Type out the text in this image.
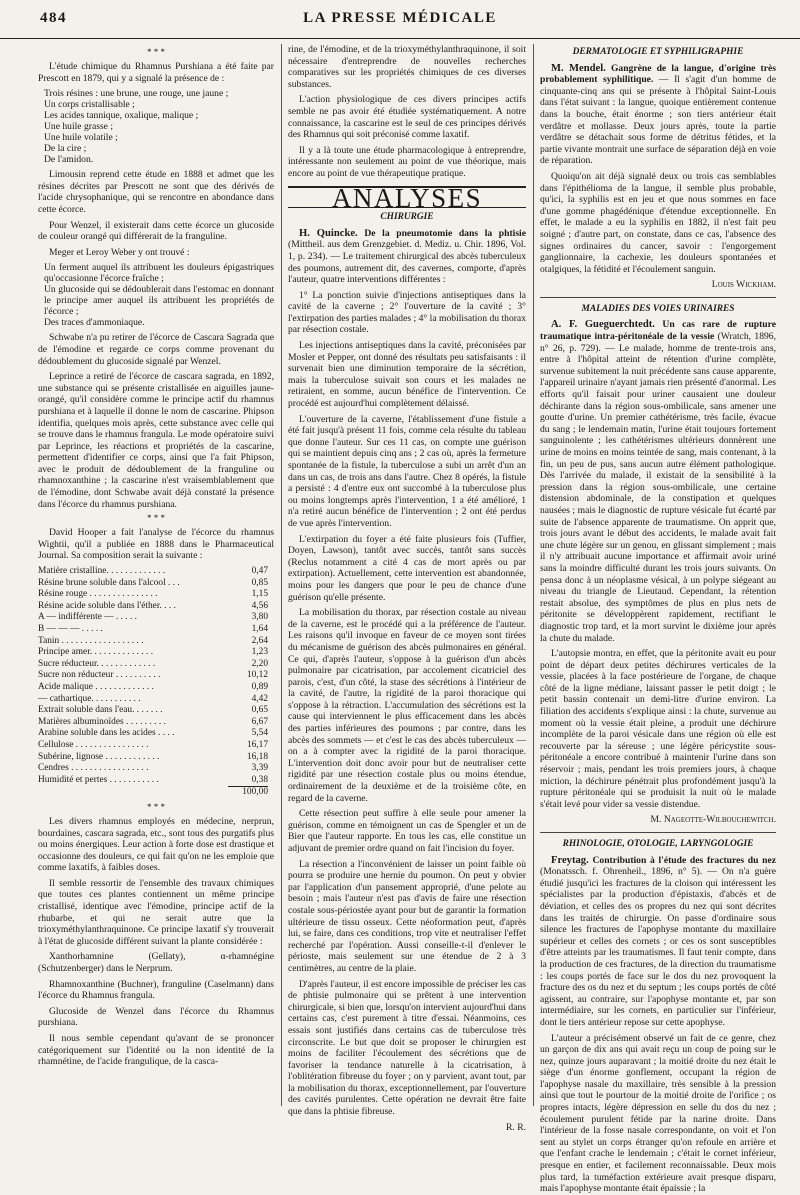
484	LA PRESSE MÉDICALE
* * *

L'étude chimique du Rhamnus Purshiana a été faite par Prescott en 1879, qui y a signalé la présence de :

Trois résines : une brune, une rouge, une jaune ;
Un corps cristallisable ;
Les acides tannique, oxalique, malique ;
Une huile grasse ;
Une huile volatile ;
De la cire ;
De l'amidon.

Limousin reprend cette étude en 1888 et admet que les résines décrites par Prescott ne sont que des dérivés de l'acide chrysophanique, qui se rencontre en abondance dans cette écorce.

Pour Wenzel, il existerait dans cette écorce un glucoside de couleur orangé qui différerait de la franguline.

Meger et Leroy Weber y ont trouvé :

Un ferment auquel ils attribuent les douleurs épigastriques qu'occasionne l'écorce fraîche ;
Un glucoside qui se dédoublerait dans l'estomac en donnant le principe amer auquel ils attribuent les propriétés de l'écorce ;
Des traces d'ammoniaque.

Schwabe n'a pu retirer de l'écorce de Cascara Sagrada que de l'émodine et regarde ce corps comme provenant du dédoublement du glucoside signalé par Wenzel.

Leprince a retiré de l'écorce de cascara sagrada, en 1892, une substance qui se présente cristallisée en aiguilles jaune-orangé, qu'il considère comme le principe actif du rhamnus purshiana et à laquelle il donne le nom de cascarine. Phipson identifia, quelques mois après, cette substance avec celle qui se trouve dans le rhamnus frangula. Le mode opératoire suivi par Leprince, les réactions et propriétés de la cascarine, permettent d'identifier ce corps, ainsi que l'a fait Phipson, avec le produit de dédoublement de la franguline ou rhamnoxanthine ; la cascarine n'est vraisemblablement que de l'émodine, dont Schwabe avait déjà constaté la présence dans l'écorce du rhamnus purshiana.

* * *

David Hooper a fait l'analyse de l'écorce du rhamnus Wightii, qu'il a publiée en 1888 dans le Pharmaceutical Journal. Sa composition serait la suivante :

Matière cristalline. . . . . . . . . . . . .	0,47
Résine brune soluble dans l'alcool . . .	0,85
Résine rouge . . . . . . . . . . . . . . .	1,15
Résine acide soluble dans l'éther. . . .	4,56
A — indifférente — . . . . .	3,80
B — — — . . . . .	1,64
Tanin . . . . . . . . . . . . . . . . . .	2,64
Principe amer. . . . . . . . . . . . . .	1,23
Sucre réducteur. . . . . . . . . . . . .	2,20
Sucre non réducteur . . . . . . . . . .	10,12
Acide malique . . . . . . . . . . . . .	0,89
— cathartique. . . . . . . . . . .	4,42
Extrait soluble dans l'eau. . . . . . .	0,65
Matières albuminoïdes . . . . . . . . .	6,67
Arabine soluble dans les acides . . . .	5,54
Cellulose . . . . . . . . . . . . . . . .	16,17
Subérine, lignose . . . . . . . . . . . .	16,18
Cendres . . . . . . . . . . . . . . . . .	3,39
Humidité et pertes . . . . . . . . . . .	0,38
	100,00
* * *

Les divers rhamnus employés en médecine, nerprun, bourdaines, cascara sagrada, etc., sont tous des purgatifs plus ou moins énergiques. Leur action à forte dose est drastique et occasionne des douleurs, ce qui fait qu'on ne les emploie que comme laxatifs, à faibles doses.

Il semble ressortir de l'ensemble des travaux chimiques que toutes ces plantes contiennent un même principe cristallisé, identique avec l'émodine, principe actif de la rhubarbe, et qui ne serait autre que la trioxyméthylanthraquinone. Ce principe laxatif s'y trouverait à l'état de glucoside différent suivant la plante considérée :

Xanthorhamnine (Gellaty), α-rhamnégine (Schutzenberger) dans le Nerprum.

Rhamnoxanthine (Buchner), franguline (Caselmann) dans l'écorce du Rhamnus frangula.

Glucoside de Wenzel dans l'écorce du Rhamnus purshiana.

Il nous semble cependant qu'avant de se prononcer catégoriquement sur l'identité ou la non identité de la rhamnétine, de l'acide frangulique, de la casca-

rine, de l'émodine, et de la trioxyméthylanthraquinone, il soit nécessaire d'entreprendre de nouvelles recherches comparatives sur les propriétés chimiques de ces diverses substances.

L'action physiologique de ces divers principes actifs semble ne pas avoir été étudiée systématiquement. A notre connaissance, la cascarine est le seul de ces principes dérivés des Rhamnus qui soit préconisé comme laxatif.

Il y a là toute une étude pharmacologique à entreprendre, intéressante non seulement au point de vue théorique, mais encore au point de vue thérapeutique pratique.

ANALYSES
CHIRURGIE

H. Quincke. De la pneumotomie dans la phtisie (Mittheil. aus dem Grenzgebiet. d. Mediz. u. Chir. 1896, Vol. 1, p. 234). — Le traitement chirurgical des abcès tuberculeux des poumons, autrement dit, des cavernes, comporte, d'après l'auteur, quatre interventions différentes :

1° La ponction suivie d'injections antiseptiques dans la cavité de la caverne ; 2° l'ouverture de la cavité ; 3° l'extirpation des parties malades ; 4° la mobilisation du thorax par résection costale.

Les injections antiseptiques dans la cavité, préconisées par Mosler et Pepper, ont donné des résultats peu satisfaisants : il survenait bien une diminution temporaire de la sécrétion, mais la tuberculose suivait son cours et les malades ne retiraient, en somme, aucun bénéfice de l'intervention. Ce procédé est aujourd'hui complètement délaissé.

L'ouverture de la caverne, l'établissement d'une fistule a été fait jusqu'à présent 11 fois, comme cela résulte du tableau que donne l'auteur. Sur ces 11 cas, on compte une guérison qui se maintient depuis cinq ans ; 2 cas où, après la fermeture spontanée de la fistule, la tuberculose a subi un arrêt d'un an dans un cas, de trois ans dans l'autre. Chez 8 opérés, la fistule a persisté : 4 d'entre eux ont succombé à la tuberculose plus ou moins longtemps après l'intervention, 1 a été amélioré, 1 n'a retiré aucun bénéfice de l'intervention ; 2 ont été perdus de vue après l'intervention.

L'extirpation du foyer a été faite plusieurs fois (Tuffier, Doyen, Lawson), tantôt avec succès, tantôt sans succès (Reclus notamment a cité 4 cas de mort après ou par extirpation). Actuellement, cette intervention est abandonnée, moins pour les dangers que pour le peu de chance d'une guérison qu'elle présente.

La mobilisation du thorax, par résection costale au niveau de la caverne, est le procédé qui a la préférence de l'auteur. Les raisons qu'il invoque en faveur de ce moyen sont tirées du mécanisme de guérison des abcès pulmonaires en général. Ce qui, d'après l'auteur, s'oppose à la guérison d'un abcès pulmonaire par cicatrisation, par accolement cicatriciel des parois, c'est, d'un côté, la stase des sécrétions à l'intérieur de la cavité, de l'autre, la rigidité de la paroi thoracique qui s'oppose à la rétraction. L'accumulation des sécrétions est la cause qui interviennent le plus efficacement dans les abcès des parties inférieures des poumons ; par contre, dans les abcès des sommets — et c'est le cas des abcès tuberculeux — on a à compter avec la rigidité de la paroi thoracique. L'intervention doit donc avoir pour but de neutraliser cette rigidité par une résection costale plus ou moins étendue, ordinairement de la deuxième et de la troisième côte, en regard de la caverne.

Cette résection peut suffire à elle seule pour amener la guérison, comme en témoignent un cas de Spengler et un de Bier que l'auteur rapporte. En tous les cas, elle constitue un adjuvant de premier ordre quand on fait l'incision du foyer.

La résection a l'inconvénient de laisser un point faible où pourra se produire une hernie du poumon. On peut y obvier par l'application d'un pansement approprié, d'une pelote au besoin ; mais l'auteur n'est pas d'avis de faire une résection costale sous-périostée ayant pour but de garantir la formation ultérieure de tissu osseux. Cette néoformation peut, d'après lui, se faire, dans ces conditions, trop vite et neutraliser l'effet recherché par l'opération. Aussi conseille-t-il d'enlever le périoste, mais seulement sur une étendue de 2 à 3 centimètres, au centre de la plaie.

D'après l'auteur, il est encore impossible de préciser les cas de phtisie pulmonaire qui se prêtent à une intervention chirurgicale, si bien que, lorsqu'on intervient aujourd'hui dans certains cas, c'est purement à titre d'essai. Néanmoins, ces essais sont justifiés dans certains cas de tuberculose très circonscrite. Le but que doit se proposer le chirurgien est moins de faciliter l'écoulement des sécrétions que de favoriser la tendance naturelle à la cicatrisation, à l'oblitération fibreuse du foyer ; on y parvient, avant tout, par la mobilisation du thorax, exceptionnellement, par l'ouverture des cavités purulentes. Cette opération ne devrait être faite que dans la phtisie fibreuse.

R. R.
DERMATOLOGIE ET SYPHILIGRAPHIE

M. Mendel. Gangrène de la langue, d'origine très probablement syphilitique. — Il s'agit d'un homme de cinquante-cinq ans qui se présente à l'hôpital Saint-Louis dans l'état suivant : la langue, quoique entièrement contenue dans la bouche, était énorme ; son tiers antérieur était verdâtre et mollasse. Deux jours après, toute la partie verdâtre se détachait sous forme de détritus fétides, et la partie vivante montrait une surface de séparation déjà en voie de réparation.

Quoiqu'on ait déjà signalé deux ou trois cas semblables dans l'épithélioma de la langue, il semble plus probable, qu'ici, la syphilis est en jeu et que nous sommes en face d'une gomme phagédénique d'étendue exceptionnelle. En effet, le malade a eu la syphilis en 1882, il n'est fait peu soigné ; d'autre part, on constate, dans ce cas, l'absence des signes ordinaires du cancer, savoir : l'engorgement ganglionnaire, la cachexie, les douleurs spontanées et otalgiques, la fétidité et l'écoulement sanguin.

Louis Wickham.
MALADIES DES VOIES URINAIRES

A. F. Gueguerchtedt. Un cas rare de rupture traumatique intra-péritonéale de la vessie (Wratch, 1896, n° 26, p. 729). — Le malade, homme de trente-trois ans, entre à l'hôpital atteint de rétention d'urine complète, survenue subitement la nuit précédente sans cause apparente, l'appareil urinaire n'ayant jamais rien présenté d'anormal. Les efforts qu'il faisait pour uriner causaient une douleur déchirante dans la région sous-ombilicale, sans amener une goutte d'urine. Un premier cathétérisme, très facile, évacue du sang ; le lendemain matin, l'urine était toujours fortement sanguinolente ; les cathétérismes ultérieurs donnèrent une urine de moins en moins teintée de sang, mais contenant, à la fin, un peu de pus, sans aucun autre élément pathologique. Dès l'arrivée du malade, il existait de la sensibilité à la pression dans la région sous-ombilicale, une certaine distension abdominale, de la constipation et quelques nausées ; mais le diagnostic de rupture vésicale fut écarté par suite de l'absence apparente de traumatisme. On apprit que, trois jours avant le début des accidents, le malade avait fait une chute légère sur un genou, en glissant simplement ; mais il n'y attribuait aucune importance et affirmait avoir uriné sans la moindre difficulté durant les trois jours suivants. On pensa donc à un néoplasme vésical, à un polype siégeant au niveau du triangle de Lieutaud. Cependant, la rétention restait absolue, des symptômes de plus en plus nets de péritonite se développèrent rapidement, rectifiant le diagnostic trop tard, et la mort survint le dixième jour après la chute du malade.

L'autopsie montra, en effet, que la péritonite avait eu pour point de départ deux petites déchirures verticales de la vessie, placées à la face postérieure de l'organe, de chaque côté de la ligne médiane, laissant passer le petit doigt ; le petit bassin contenait un demi-litre d'urine environ. La filiation des accidents s'explique ainsi : la chute, survenue au moment où la vessie était pleine, a produit une déchirure incomplète de la paroi vésicale dans une région où elle est recouverte par la séreuse ; une légère péricystite sous-péritonéale a encore contribué à maintenir l'urine dans son réservoir ; mais, pendant les trois premiers jours, à chaque miction, la déchirure pénétrait plus profondément jusqu'à la rupture péritonéale qui se produisit la nuit où le malade s'était levé pour vider sa vessie distendue.

M. Nageotte-Wilbouchewitch.
RHINOLOGIE, OTOLOGIE, LARYNGOLOGIE

Freytag. Contribution à l'étude des fractures du nez (Monatssch. f. Ohrenheil., 1896, n° 5). — On n'a guère étudié jusqu'ici les fractures de la cloison qui intéressent les spécialistes par la production d'épistaxis, d'abcès et de déviation, et celles des os propres du nez qui sont décrites dans les traités de chirurgie. On passe d'ordinaire sous silence les fractures de l'apophyse montante du maxillaire supérieur et celles des cornets ; or ces os sont susceptibles d'être atteints par les traumatismes. Il faut tenir compte, dans la production de ces fractures, de la direction du traumatisme : les coups portés de face sur le dos du nez provoquent la fracture des os du nez et du septum ; les coups portés de côté agissent, au contraire, sur l'apophyse montante et, par son intermédiaire, sur les cornets, en particulier sur l'inférieur, dont le tiers antérieur repose sur cette apophyse.

L'auteur a précisément observé un fait de ce genre, chez un garçon de dix ans qui avait reçu un coup de poing sur le nez, quinze jours auparavant ; la moitié droite du nez était le siège d'un énorme gonflement, occupant la région de l'apophyse nasale du maxillaire, très sensible à la pression ainsi que tout le pourtour de la moitié droite de l'orifice ; os propres intacts, légère dépression en selle du dos du nez ; écoulement purulent fétide par la narine droite. Dans l'intérieur de la fosse nasale correspondante, on voit et l'on sent au stylet un corps étranger qu'on refoule en arrière et que l'enfant crache le lendemain ; c'était le cornet inférieur, presque en entier, et facilement reconnaissable. Deux mois plus tard, la tuméfaction extérieure avait presque disparu, mais l'apophyse montante était épaissie ; la
